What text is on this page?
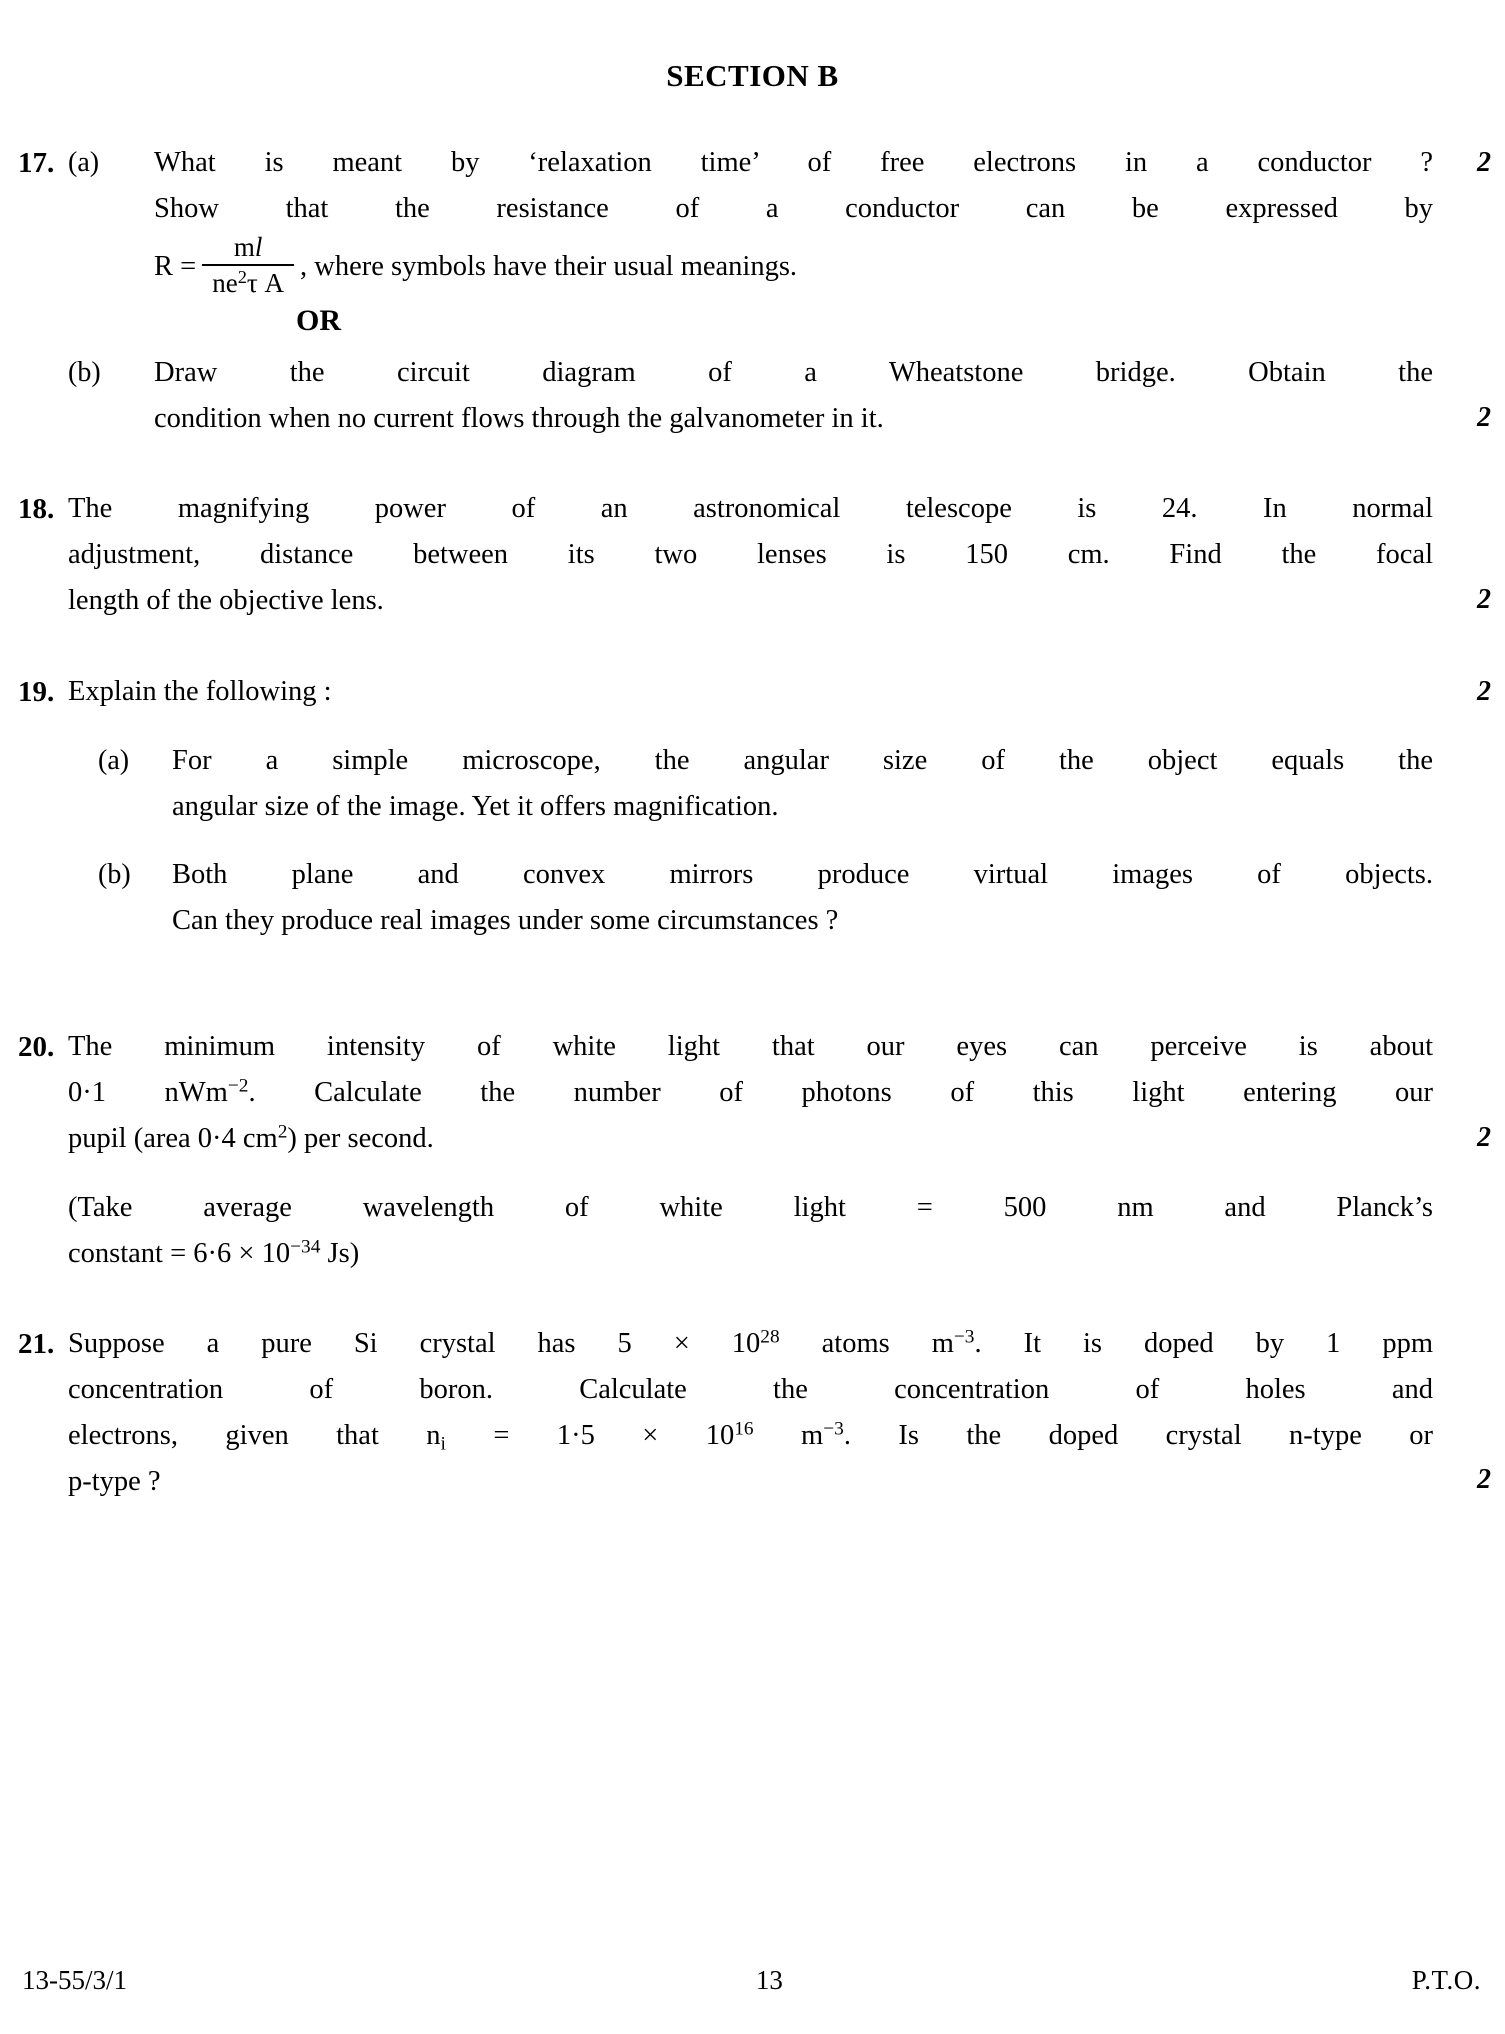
SECTION B
17. (a)	What is meant by ‘relaxation time’ of free electrons in a conductor ?
Show that the resistance of a conductor can be expressed by
$R = \frac{ml}{ne^2\tau A}$ , where symbols have their usual meanings.
2
OR

(b)	Draw the circuit diagram of a Wheatstone bridge. Obtain the
condition when no current flows through the galvanometer in it.
	2
18. The magnifying power of an astronomical telescope is 24. In normal
adjustment, distance between its two lenses is 150 cm. Find the focal
length of the objective lens.

	2
19. Explain the following :	2
(a)	For a simple microscope, the angular size of the object equals the
angular size of the image. Yet it offers magnification.
(b)	Both plane and convex mirrors produce virtual images of objects.
Can they produce real images under some circumstances ?
20. The minimum intensity of white light that our eyes can perceive is about
0·1 nWm$^{-2}$. Calculate the number of photons of this light entering our
pupil (area 0·4 $cm^2$) per second.
(Take average wavelength of white light = 500 nm and Planck’s
constant = $6\cdot 6 \times 10^{-34}$ Js)

2
21. Suppose a pure Si crystal has $5 \times 10^{28}$ atoms $m^{-3}$. It is doped by 1 ppm
concentration of boron. Calculate the concentration of holes and
electrons, given that $n_i = 1\cdot 5 \times 10^{16}$ $m^{-3}$. Is the doped crystal n-type or
p-type ?

	2
13-55/3/1	13	P.T.O.
